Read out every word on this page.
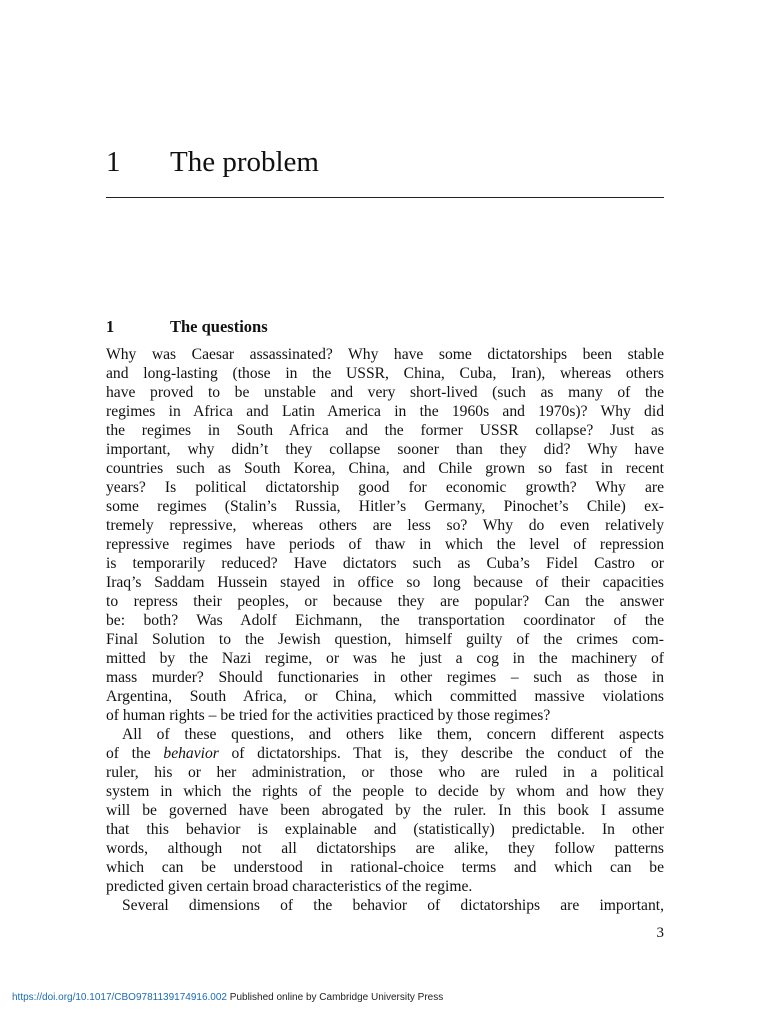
1 The problem
1	The questions
Why was Caesar assassinated? Why have some dictatorships been stable
and long-lasting (those in the USSR, China, Cuba, Iran), whereas others
have proved to be unstable and very short-lived (such as many of the
regimes in Africa and Latin America in the 1960s and 1970s)? Why did
the regimes in South Africa and the former USSR collapse? Just as
important, why didn’t they collapse sooner than they did? Why have
countries such as South Korea, China, and Chile grown so fast in recent
years? Is political dictatorship good for economic growth? Why are
some regimes (Stalin’s Russia, Hitler’s Germany, Pinochet’s Chile) ex-
tremely repressive, whereas others are less so? Why do even relatively
repressive regimes have periods of thaw in which the level of repression
is temporarily reduced? Have dictators such as Cuba’s Fidel Castro or
Iraq’s Saddam Hussein stayed in office so long because of their capacities
to repress their peoples, or because they are popular? Can the answer
be: both? Was Adolf Eichmann, the transportation coordinator of the
Final Solution to the Jewish question, himself guilty of the crimes com-
mitted by the Nazi regime, or was he just a cog in the machinery of
mass murder? Should functionaries in other regimes – such as those in
Argentina, South Africa, or China, which committed massive violations
of human rights – be tried for the activities practiced by those regimes?
All of these questions, and others like them, concern different aspects
of the behavior of dictatorships. That is, they describe the conduct of the
ruler, his or her administration, or those who are ruled in a political
system in which the rights of the people to decide by whom and how they
will be governed have been abrogated by the ruler. In this book I assume
that this behavior is explainable and (statistically) predictable. In other
words, although not all dictatorships are alike, they follow patterns
which can be understood in rational-choice terms and which can be
predicted given certain broad characteristics of the regime.
Several dimensions of the behavior of dictatorships are important,
3
https://doi.org/10.1017/CBO9781139174916.002 Published online by Cambridge University Press
